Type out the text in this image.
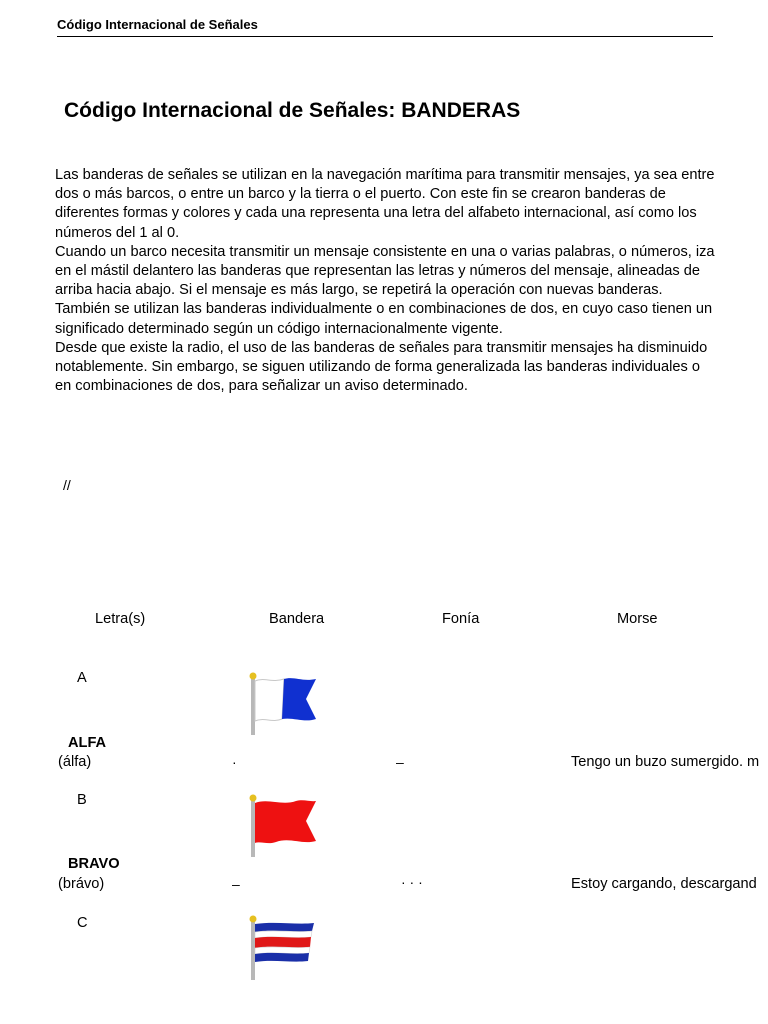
Código Internacional de Señales
Código Internacional de Señales: BANDERAS

Las banderas de señales se utilizan en la navegación marítima para transmitir mensajes, ya sea entre dos o más barcos, o entre un barco y la tierra o el puerto. Con este fin se crearon banderas de diferentes formas y colores y cada una representa una letra del alfabeto internacional, así como los números del 1 al 0.

Cuando un barco necesita transmitir un mensaje consistente en una o varias palabras, o números, iza en el mástil delantero las banderas que representan las letras y números del mensaje, alineadas de arriba hacia abajo. Si el mensaje es más largo, se repetirá la operación con nuevas banderas.

También se utilizan las banderas individualmente o en combinaciones de dos, en cuyo caso tienen un significado determinado según un código internacionalmente vigente.

Desde que existe la radio, el uso de las banderas de señales para transmitir mensajes ha disminuido notablemente. Sin embargo, se siguen utilizando de forma generalizada las banderas individuales o en combinaciones de dos, para señalizar un aviso determinado.

//
Letra(s)	Bandera	Fonía	Morse
A
ALFA
(álfa)	·	–	Tengo un buzo sumergido. m
B
BRAVO
(brávo)	–	· · ·	Estoy cargando, descargand
C
